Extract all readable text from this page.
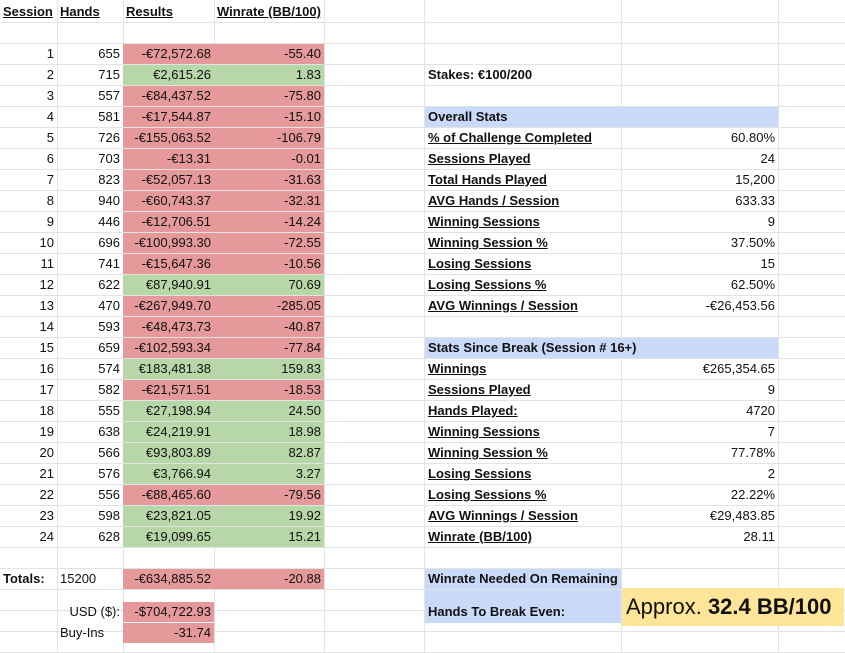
Session Hands	Results	Winrate (BB/100)
1	655	-€72,572.68	-55.40
2	715	€2,615.26	1.83
3	557	-€84,437.52	-75.80
4	581	-€17,544.87	-15.10
5	726	-€155,063.52	-106.79
6	703	-€13.31	-0.01
7	823	-€52,057.13	-31.63
8	940	-€60,743.37	-32.31
9	446	-€12,706.51	-14.24
10	696	-€100,993.30	-72.55
11	741	-€15,647.36	-10.56
12	622	€87,940.91	70.69
13	470	-€267,949.70	-285.05
14	593	-€48,473.73	-40.87
15	659	-€102,593.34	-77.84
16	574	€183,481.38	159.83
17	582	-€21,571.51	-18.53
18	555	€27,198.94	24.50
19	638	€24,219.91	18.98
20	566	€93,803.89	82.87
21	576	€3,766.94	3.27
22	556	-€88,465.60	-79.56
23	598	€23,821.05	19.92
24	628	€19,099.65	15.21
Totals:	15200	-€634,885.52	-20.88
USD ($):	-$704,722.93
Buy-Ins	-31.74
Stakes: €100/200
Overall Stats
% of Challenge Completed	60.80%
Sessions Played	24
Total Hands Played	15,200
AVG Hands / Session	633.33
Winning Sessions	9
Winning Session %	37.50%
Losing Sessions	15
Losing Sessions %	62.50%
AVG Winnings / Session	-€26,453.56
Stats Since Break (Session # 16+)
Winnings	€265,354.65
Sessions Played	9
Hands Played:	4720
Winning Sessions	7
Winning Session %	77.78%
Losing Sessions	2
Losing Sessions %	22.22%
AVG Winnings / Session	€29,483.85
Winrate (BB/100)	28.11
Winrate Needed On Remaining
Hands To Break Even:	Approx. 32.4 BB/100
